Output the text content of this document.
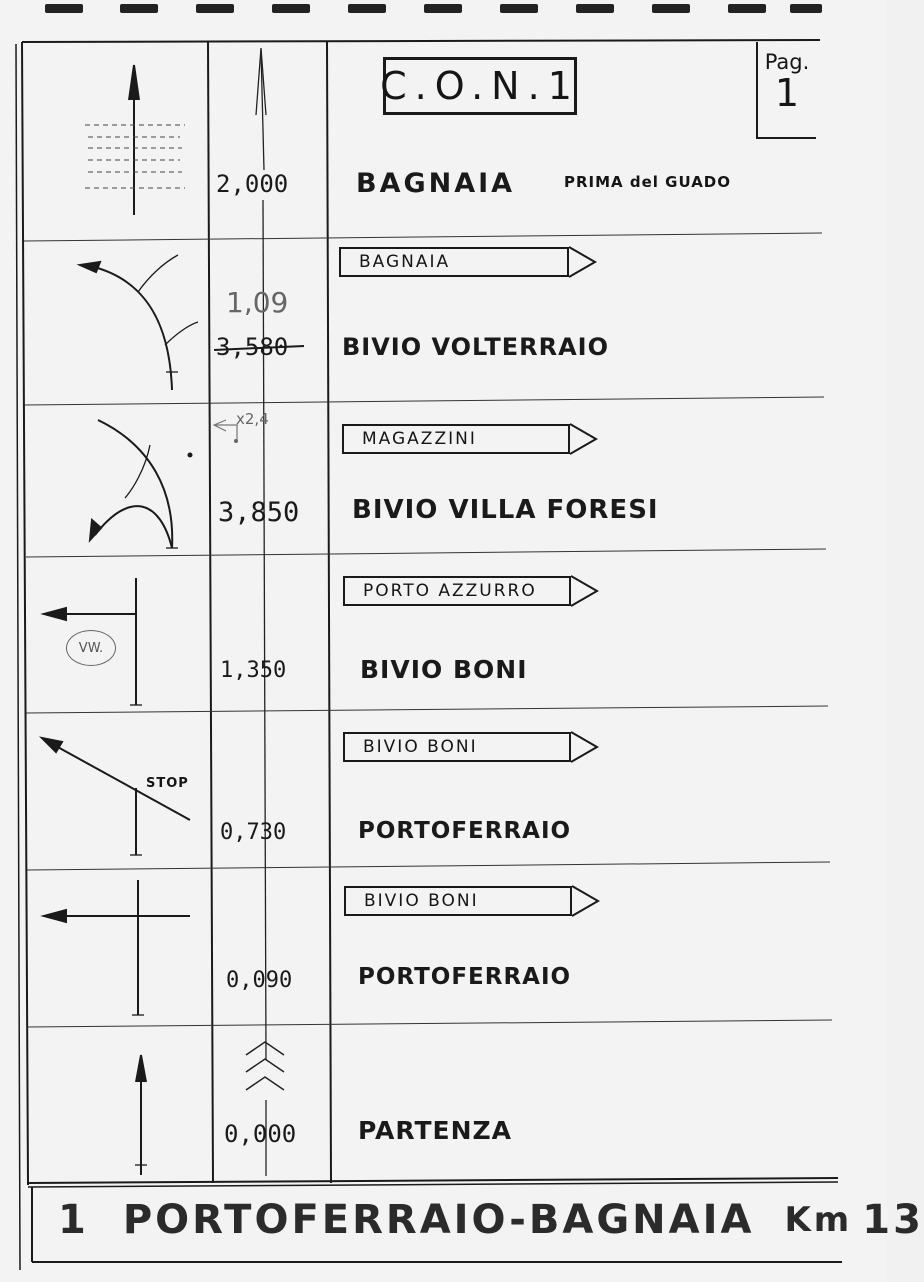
C.O.N.1
Pag.
1
2,000	BAGNAIA	PRIMA del GUADO
BAGNAIA
1,09
3,580 BIVIO VOLTERRAIO
x2,4
MAGAZZINI
3,850 BIVIO VILLA FORESI
PORTO AZZURRO
VW.
1,350	BIVIO BONI
BIVIO BONI
STOP
0,730	PORTOFERRAIO
BIVIO BONI
0,090	PORTOFERRAIO
0,000 PARTENZA
1 PORTOFERRAIO-BAGNAIA Km 13
